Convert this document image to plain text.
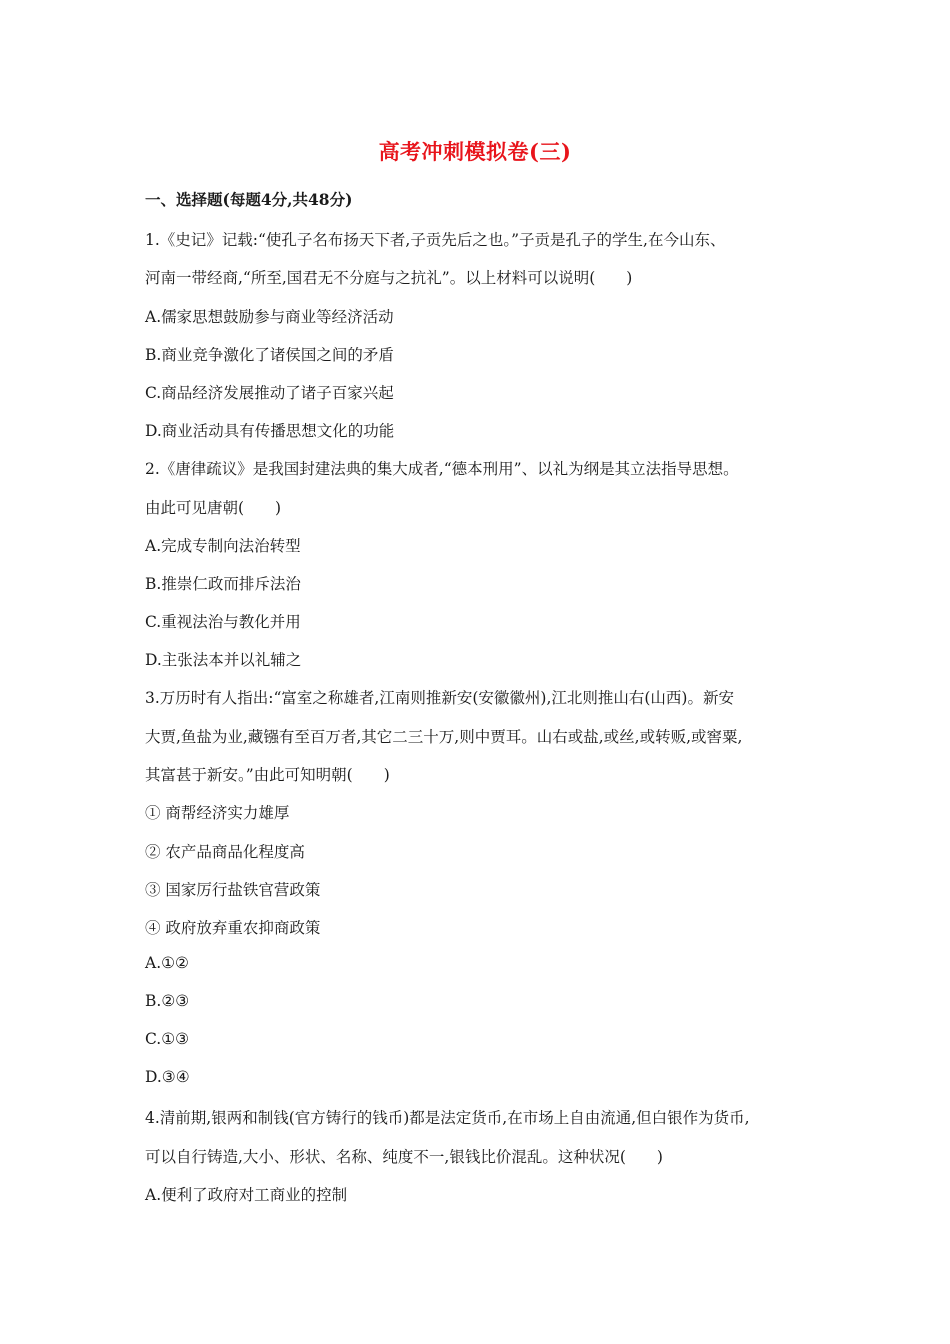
高考冲刺模拟卷(三)
一、选择题(每题4分,共48分)
1.《史记》记载:“使孔子名布扬天下者,子贡先后之也。”子贡是孔子的学生,在今山东、
河南一带经商,“所至,国君无不分庭与之抗礼”。以上材料可以说明(　　)
A.儒家思想鼓励参与商业等经济活动
B.商业竞争激化了诸侯国之间的矛盾
C.商品经济发展推动了诸子百家兴起
D.商业活动具有传播思想文化的功能
2.《唐律疏议》是我国封建法典的集大成者,“德本刑用”、以礼为纲是其立法指导思想。
由此可见唐朝(　　)
A.完成专制向法治转型
B.推崇仁政而排斥法治
C.重视法治与教化并用
D.主张法本并以礼辅之
3.万历时有人指出:“富室之称雄者,江南则推新安(安徽徽州),江北则推山右(山西)。新安
大贾,鱼盐为业,藏镪有至百万者,其它二三十万,则中贾耳。山右或盐,或丝,或转贩,或窖粟,
其富甚于新安。”由此可知明朝(　　)
① 商帮经济实力雄厚
② 农产品商品化程度高
③ 国家厉行盐铁官营政策
④ 政府放弃重农抑商政策
A.①②
B.②③
C.①③
D.③④
4.清前期,银两和制钱(官方铸行的钱币)都是法定货币,在市场上自由流通,但白银作为货币,
可以自行铸造,大小、形状、名称、纯度不一,银钱比价混乱。这种状况(　　)
A.便利了政府对工商业的控制
